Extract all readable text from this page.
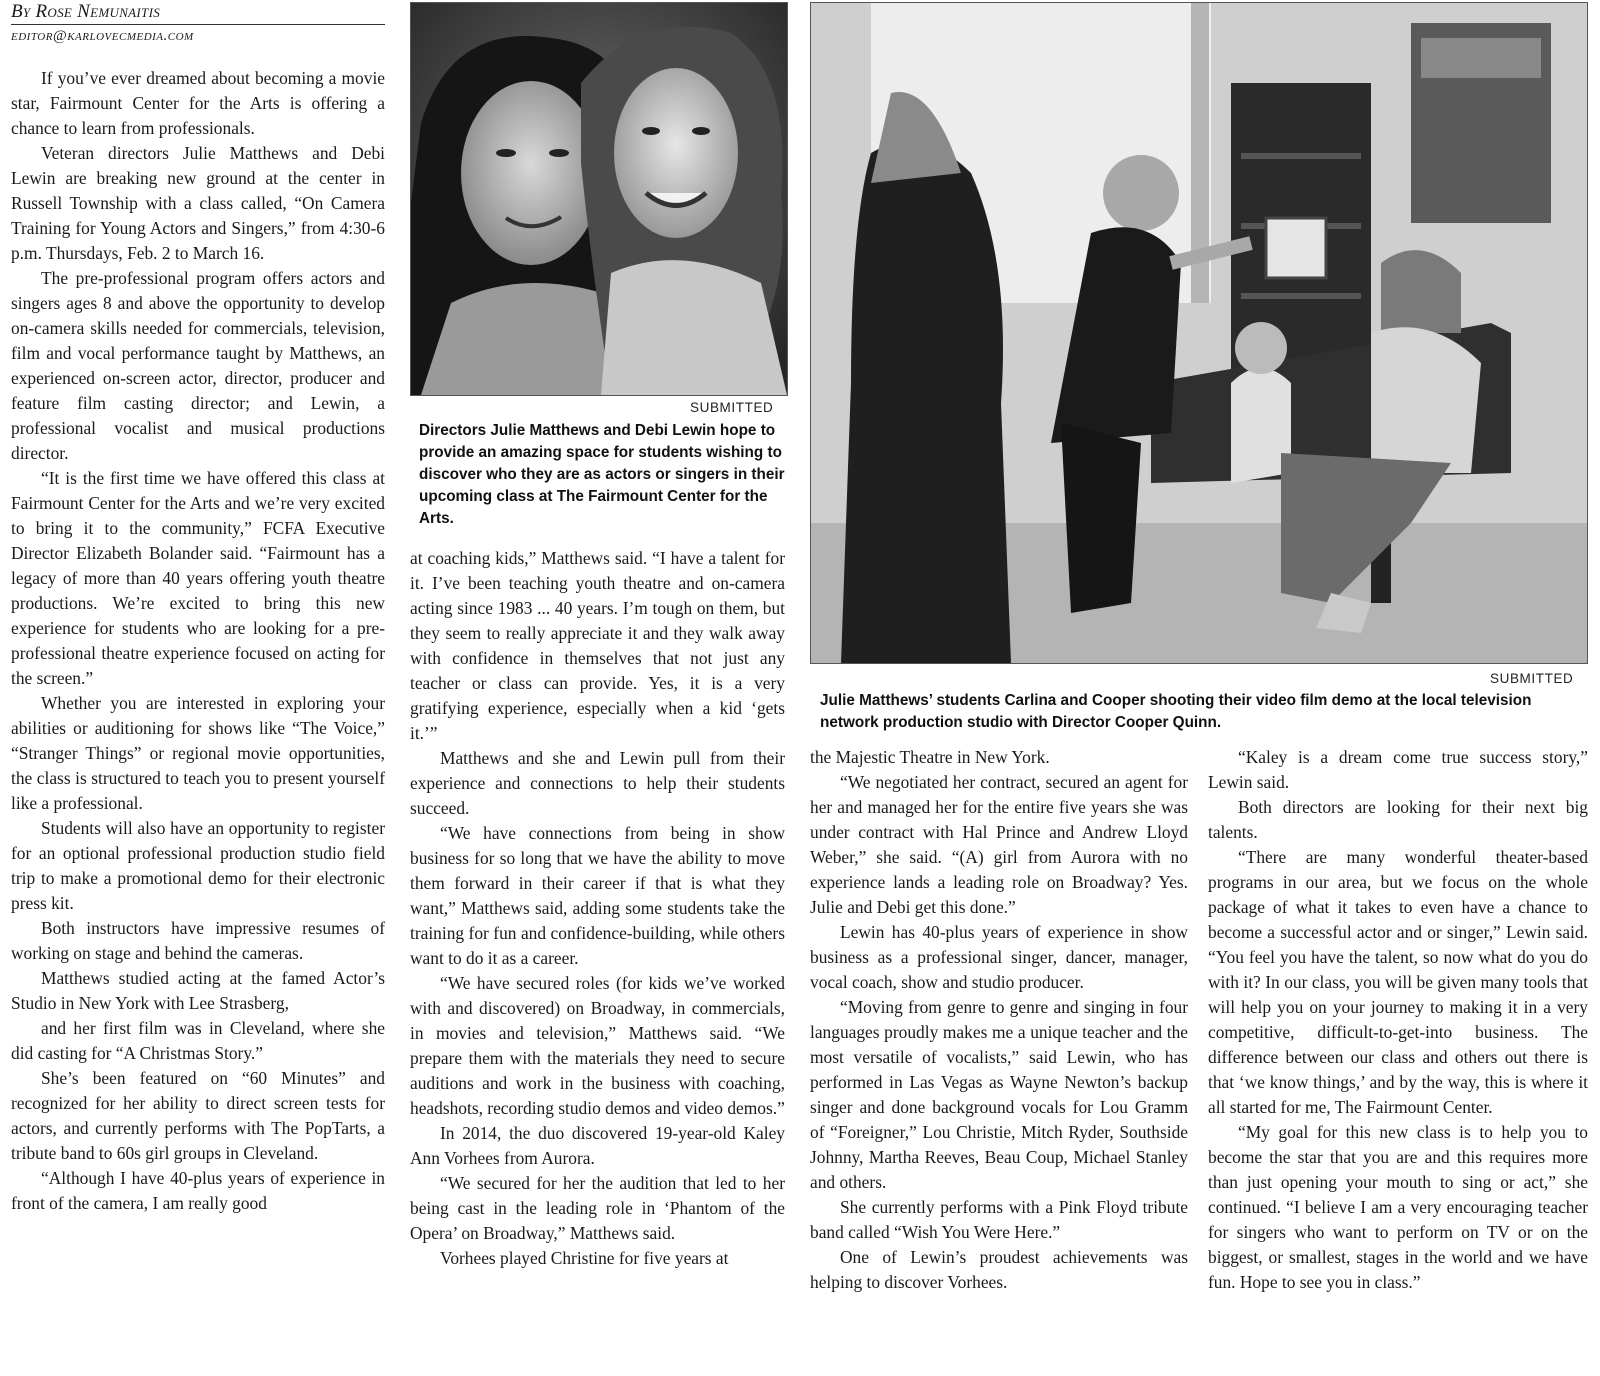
By Rose Nemunaitis
editor@karlovecmedia.com

If you’ve ever dreamed about becoming a movie star, Fairmount Center for the Arts is offering a chance to learn from professionals.

Veteran directors Julie Matthews and Debi Lewin are breaking new ground at the center in Russell Township with a class called, “On Camera Training for Young Actors and Singers,” from 4:30-6 p.m. Thursdays, Feb. 2 to March 16.

The pre-professional program offers actors and singers ages 8 and above the opportunity to develop on-camera skills needed for commercials, television, film and vocal performance taught by Matthews, an experienced on-screen actor, director, producer and feature film casting director; and Lewin, a professional vocalist and musical productions director.

“It is the first time we have offered this class at Fairmount Center for the Arts and we’re very excited to bring it to the community,” FCFA Executive Director Elizabeth Bolander said. “Fairmount has a legacy of more than 40 years offering youth theatre productions. We’re excited to bring this new experience for students who are looking for a pre-professional theatre experience focused on acting for the screen.”

Whether you are interested in exploring your abilities or auditioning for shows like “The Voice,” “Stranger Things” or regional movie opportunities, the class is structured to teach you to present yourself like a professional.

Students will also have an opportunity to register for an optional professional production studio field trip to make a promotional demo for their electronic press kit.

Both instructors have impressive resumes of working on stage and behind the cameras.

Matthews studied acting at the famed Actor’s Studio in New York with Lee Strasberg,

and her first film was in Cleveland, where she did casting for “A Christmas Story.”

She’s been featured on “60 Minutes” and recognized for her ability to direct screen tests for actors, and currently performs with The PopTarts, a tribute band to 60s girl groups in Cleveland.

“Although I have 40-plus years of experience in front of the camera, I am really good

SUBMITTED
Directors Julie Matthews and Debi Lewin hope to provide an amazing space for students wishing to discover who they are as actors or singers in their upcoming class at The Fairmount Center for the Arts.

at coaching kids,” Matthews said. “I have a talent for it. I’ve been teaching youth theatre and on-camera acting since 1983 ... 40 years. I’m tough on them, but they seem to really appreciate it and they walk away with confidence in themselves that not just any teacher or class can provide. Yes, it is a very gratifying experience, especially when a kid ‘gets it.’”

Matthews and she and Lewin pull from their experience and connections to help their students succeed.

“We have connections from being in show business for so long that we have the ability to move them forward in their career if that is what they want,” Matthews said, adding some students take the training for fun and confidence-building, while others want to do it as a career.

“We have secured roles (for kids we’ve worked with and discovered) on Broadway, in commercials, in movies and television,” Matthews said. “We prepare them with the materials they need to secure auditions and work in the business with coaching, headshots, recording studio demos and video demos.”

In 2014, the duo discovered 19-year-old Kaley Ann Vorhees from Aurora.

“We secured for her the audition that led to her being cast in the leading role in ‘Phantom of the Opera’ on Broadway,” Matthews said.

Vorhees played Christine for five years at

SUBMITTED
Julie Matthews’ students Carlina and Cooper shooting their video film demo at the local television network production studio with Director Cooper Quinn.

the Majestic Theatre in New York.

“We negotiated her contract, secured an agent for her and managed her for the entire five years she was under contract with Hal Prince and Andrew Lloyd Weber,” she said. “(A) girl from Aurora with no experience lands a leading role on Broadway? Yes. Julie and Debi get this done.”

Lewin has 40-plus years of experience in show business as a professional singer, dancer, manager, vocal coach, show and studio producer.

“Moving from genre to genre and singing in four languages proudly makes me a unique teacher and the most versatile of vocalists,” said Lewin, who has performed in Las Vegas as Wayne Newton’s backup singer and done background vocals for Lou Gramm of “Foreigner,” Lou Christie, Mitch Ryder, Southside Johnny, Martha Reeves, Beau Coup, Michael Stanley and others.

She currently performs with a Pink Floyd tribute band called “Wish You Were Here.”

One of Lewin’s proudest achievements was helping to discover Vorhees.

“Kaley is a dream come true success story,” Lewin said.

Both directors are looking for their next big talents.

“There are many wonderful theater-based programs in our area, but we focus on the whole package of what it takes to even have a chance to become a successful actor and or singer,” Lewin said. “You feel you have the talent, so now what do you do with it? In our class, you will be given many tools that will help you on your journey to making it in a very competitive, difficult-to-get-into business. The difference between our class and others out there is that ‘we know things,’ and by the way, this is where it all started for me, The Fairmount Center.

“My goal for this new class is to help you to become the star that you are and this requires more than just opening your mouth to sing or act,” she continued. “I believe I am a very encouraging teacher for singers who want to perform on TV or on the biggest, or smallest, stages in the world and we have fun. Hope to see you in class.”
